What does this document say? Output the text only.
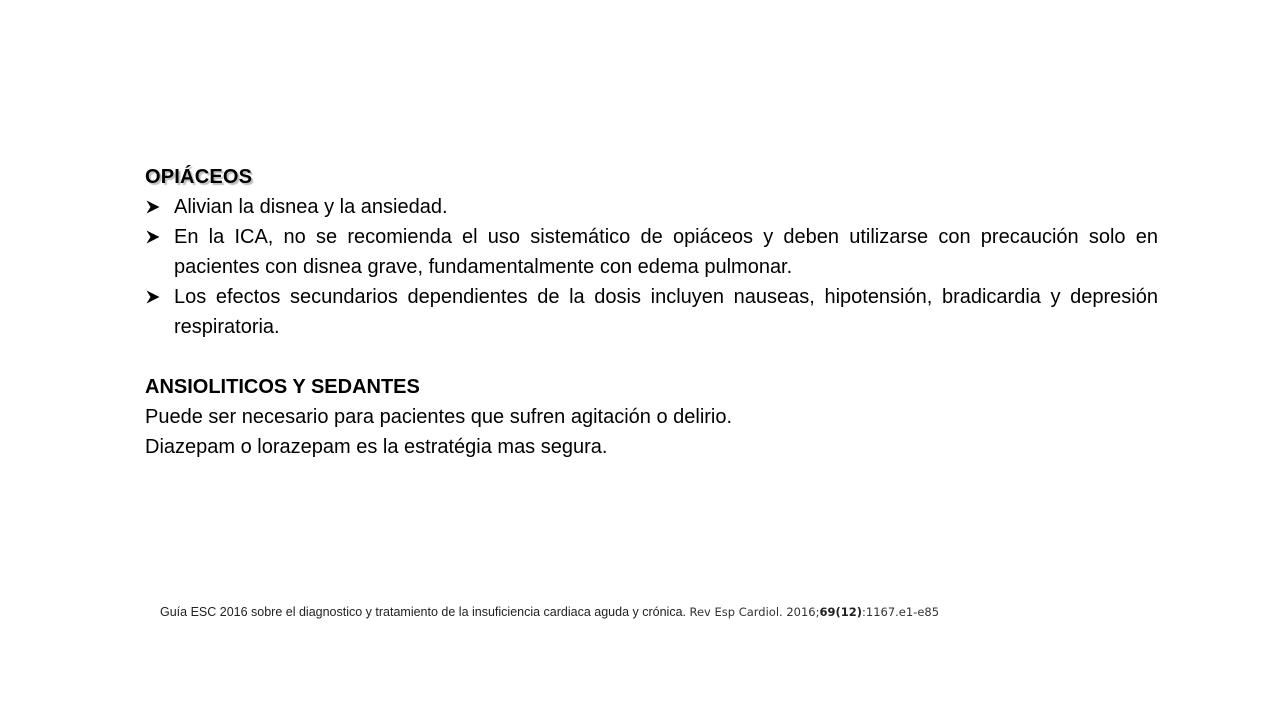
OPIÁCEOS
Alivian la disnea y la ansiedad.
En la ICA, no se recomienda el uso sistemático de opiáceos y deben utilizarse con precaución solo en pacientes con disnea grave, fundamentalmente con edema pulmonar.
Los efectos secundarios dependientes de la dosis incluyen nauseas, hipotensión, bradicardia y depresión respiratoria.
ANSIOLITICOS Y SEDANTES
Puede ser necesario para pacientes que sufren agitación o delirio.
Diazepam o lorazepam es la estratégia mas segura.
Guía ESC 2016 sobre el diagnostico y tratamiento de la insuficiencia cardiaca aguda y crónica. Rev Esp Cardiol. 2016;69(12):1167.e1-e85
